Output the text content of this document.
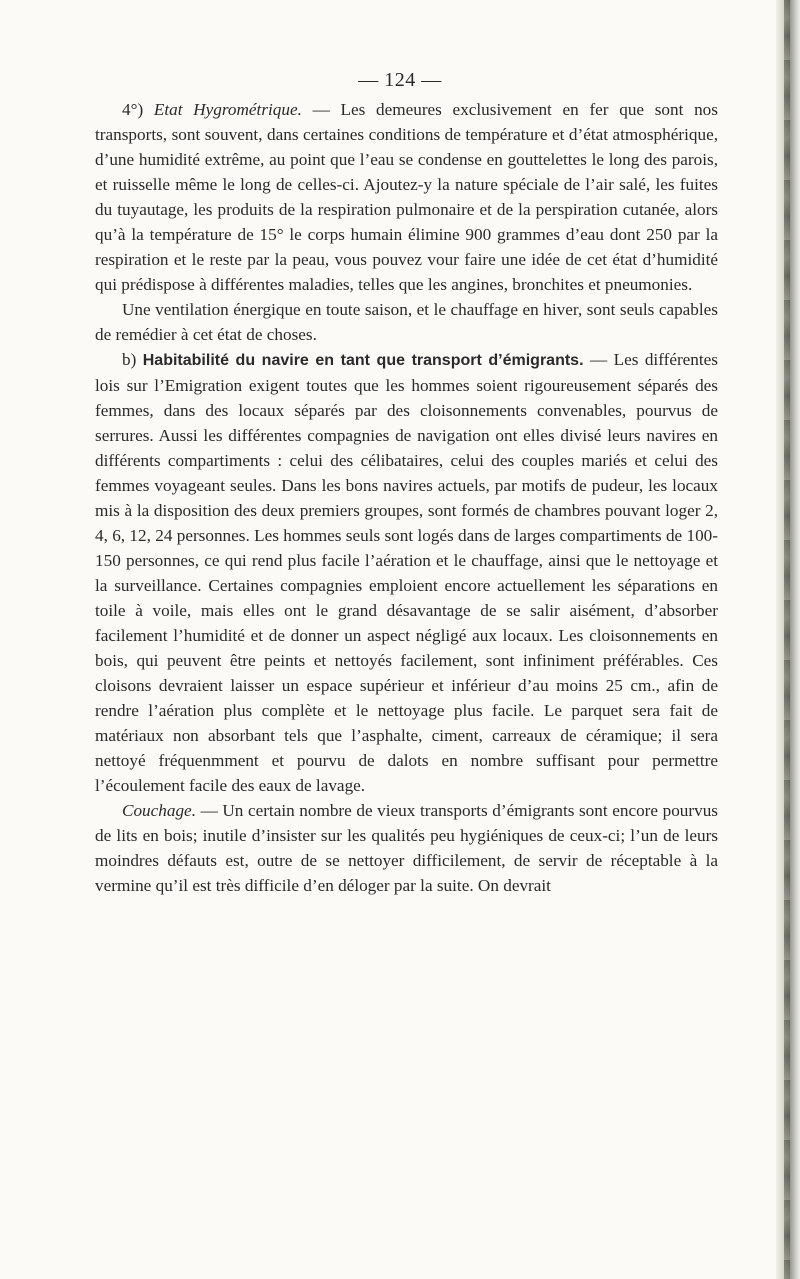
— 124 —

4°) Etat Hygrométrique. — Les demeures exclusivement en fer que sont nos transports, sont souvent, dans certaines conditions de température et d’état atmosphérique, d’une humidité extrême, au point que l’eau se condense en gouttelettes le long des parois, et ruisselle même le long de celles-ci. Ajoutez-y la nature spéciale de l’air salé, les fuites du tuyautage, les produits de la respiration pulmonaire et de la perspiration cutanée, alors qu’à la température de 15° le corps humain élimine 900 grammes d’eau dont 250 par la respiration et le reste par la peau, vous pouvez vour faire une idée de cet état d’humidité qui prédispose à différentes maladies, telles que les angines, bronchites et pneumonies.

Une ventilation énergique en toute saison, et le chauffage en hiver, sont seuls capables de remédier à cet état de choses.

b) Habitabilité du navire en tant que transport d’émigrants. — Les différentes lois sur l’Emigration exigent toutes que les hommes soient rigoureusement séparés des femmes, dans des locaux séparés par des cloisonnements convenables, pourvus de serrures. Aussi les différentes compagnies de navigation ont elles divisé leurs navires en différents compartiments : celui des célibataires, celui des couples mariés et celui des femmes voyageant seules. Dans les bons navires actuels, par motifs de pudeur, les locaux mis à la disposition des deux premiers groupes, sont formés de chambres pouvant loger 2, 4, 6, 12, 24 personnes. Les hommes seuls sont logés dans de larges compartiments de 100-150 personnes, ce qui rend plus facile l’aération et le chauffage, ainsi que le nettoyage et la surveillance. Certaines compagnies emploient encore actuellement les séparations en toile à voile, mais elles ont le grand désavantage de se salir aisément, d’absorber facilement l’humidité et de donner un aspect négligé aux locaux. Les cloisonnements en bois, qui peuvent être peints et nettoyés facilement, sont infiniment préférables. Ces cloisons devraient laisser un espace supérieur et inférieur d’au moins 25 cm., afin de rendre l’aération plus complète et le nettoyage plus facile. Le parquet sera fait de matériaux non absorbant tels que l’asphalte, ciment, carreaux de céramique; il sera nettoyé fréquenmment et pourvu de dalots en nombre suffisant pour permettre l’écoulement facile des eaux de lavage.

Couchage. — Un certain nombre de vieux transports d’émigrants sont encore pourvus de lits en bois; inutile d’insister sur les qualités peu hygiéniques de ceux-ci; l’un de leurs moindres défauts est, outre de se nettoyer difficilement, de servir de réceptable à la vermine qu’il est très difficile d’en déloger par la suite. On devrait
